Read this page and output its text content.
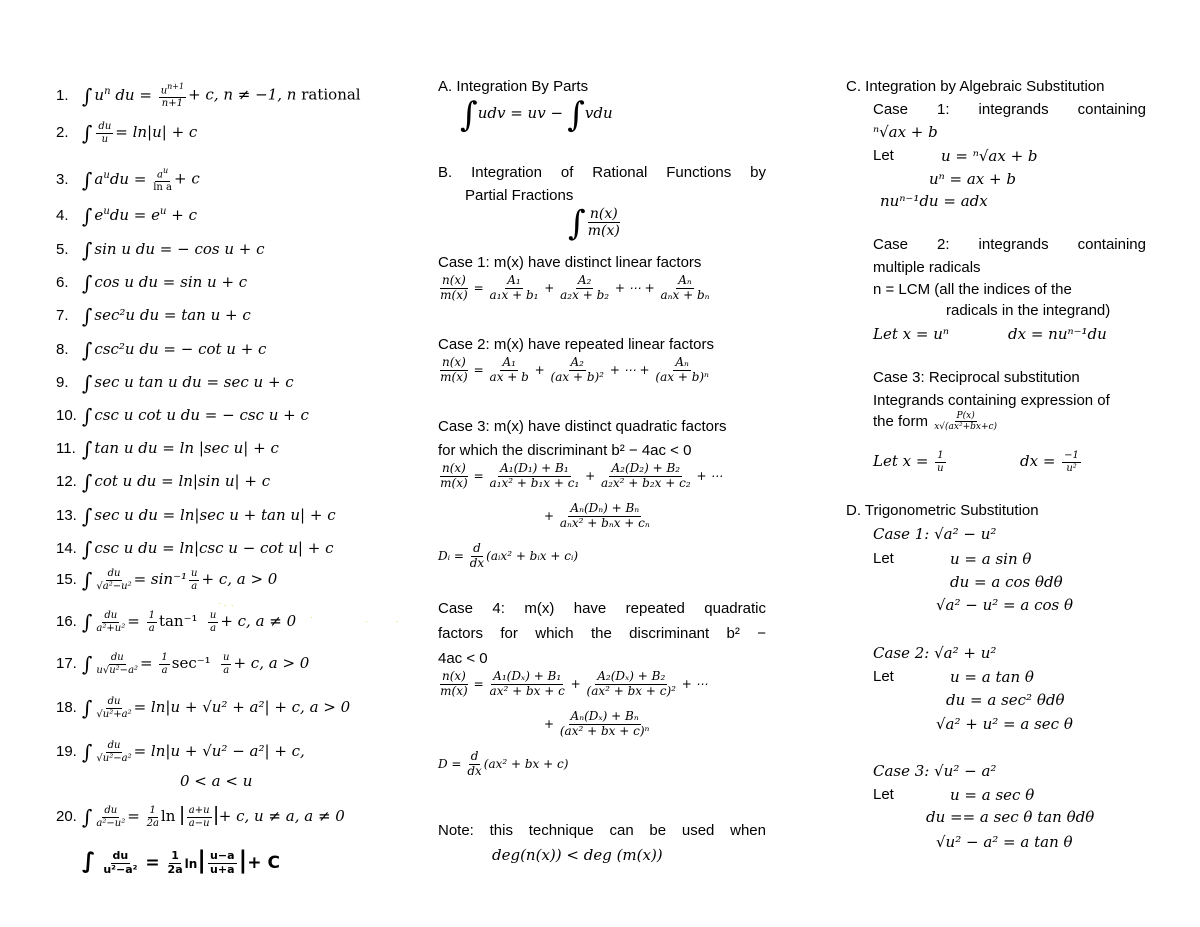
1. ∫ $u^n$ du = $\frac{u^{n+1}}{n+1} + c$, n ≠ −1, n rational
2. ∫ $\frac{du}{u} = \ln|u| + c$
3. ∫ $a^udu = \frac{a^u}{\text{ln a}} + c$
4. ∫ $e^udu = e^u + c$
5. ∫ sin u du = − cos u + c
6. ∫ cos u du = sin u + c
7. ∫ sec²u du = tan u + c
8. ∫ csc²u du = − cot u + c
9. ∫ sec u tan u du = sec u + c
10. ∫ csc u cot u du = − csc u + c
11. ∫ tan u du = ln |sec u| + c
12. ∫ cot u du = ln|sin u| + c
13. ∫ sec u du = ln|sec u + tan u| + c
14. ∫ csc u du = ln|csc u − cot u| + c
15. ∫ $\frac{du}{\text{√a²−u²}} = \sin^{-1} \frac{u}{a} + c$, a > 0
16. ∫ $\frac{du}{\text{a²+u²}} = \frac{1}{a} \tan^{-1} \frac{u}{a} + c$, a ≠ 0
17. ∫ $\frac{du}{\text{u√u²−a²}} = \frac{1}{a} \sec^{-1} \frac{u}{a} + c$, a > 0
18. ∫ $\frac{du}{\text{√u²+a²}} = \ln|u + √u^2 + a^2| + c$, a > 0
19. ∫ $\frac{du}{\text{√u²−a²}} = \ln|u + √u^2 - a^2| + c$,
0 < a < u
20. ∫ $\frac{du}{\text{a²−u²}} = \frac{1}{2a}$ ln | $\frac{a+u}{a-u}$ |+ c, u ≠ a, a ≠ 0
∫ $\frac{du}{\text{u²−a²}} = \frac{1}{2a} \ln| \frac{u-a}{u+a}$ |+ C
· .  .
·	·           ·
A. Integration By Parts
∫udv = uv − ∫vdu
B. Integration of Rational Functions by
Partial Fractions
∫ $\frac{n(x)}{m(x)}$
Case 1: m(x) have distinct linear factors
$\frac{n(x)}{m(x)} = \frac{\text{A₁}}{\text{a₁x + b₁}} + \frac{\text{A₂}}{\text{a₂x + b₂}}$ + ⋯ + $\frac{\text{Aₙ}}{\text{aₙx + bₙ}}$
Case 2: m(x) have repeated linear factors
$\frac{n(x)}{m(x)} = \frac{\text{A₁}}{ax + b} + \frac{\text{A₂}}{\text{(ax + b)²}}$ + ⋯ + $\frac{\text{Aₙ}}{\text{(ax + b)ⁿ}}$
Case 3: m(x) have distinct quadratic factors
for which the discriminant b² − 4ac < 0
$\frac{n(x)}{m(x)} = \frac{\text{A₁(D₁) + B₁}}{\text{a₁x² + b₁x + c₁}} + \frac{\text{A₂(D₂) + B₂}}{\text{a₂x² + b₂x + c₂}}$ + ⋯
+ $\frac{\text{Aₙ(Dₙ) + Bₙ}}{\text{aₙx² + bₙx + cₙ}}$
Dᵢ = $\frac{d}{dx}$ (aᵢx² + bᵢx + cᵢ)
Case 4: m(x) have repeated quadratic
factors for which the discriminant b² −
4ac < 0
$\frac{n(x)}{m(x)} = \frac{\text{A₁(Dₓ) + B₁}}{\text{ax² + bx + c}} + \frac{\text{A₂(Dₓ) + B₂}}{\text{(ax² + bx + c)²}}$ + ⋯
+ $\frac{\text{Aₙ(Dₓ) + Bₙ}}{\text{(ax² + bx + c)ⁿ}}$
$D = \frac{d}{dx} (ax^2$ + bx + c)
Note: this technique can be used when
deg(n(x)) < deg (m(x))
C. Integration by Algebraic Substitution
Case 1: integrands containing
ⁿ√ax + b
Let	u = ⁿ√ax + b
uⁿ = ax + b
nuⁿ⁻¹du = adx
Case 2: integrands containing
multiple radicals
n = LCM (all the indices of the
radicals in the integrand)
Let x = uⁿ	dx = nuⁿ⁻¹du
Case 3: Reciprocal substitution
Integrands containing expression of
the form $\frac{P(x)}{\text{x√(ax²+bx+c)}}$
Let $x = \frac{1}{u}$	dx = $\frac{-1}{\text{u²}}$
D. Trigonometric Substitution
Case 1: √a² − u²
Let	u = a sin θ
du = a cos θdθ
√a² − u² = a cos θ
Case 2: √a² + u²
Let	u = a tan θ
du = a sec² θdθ
√a² + u² = a sec θ
Case 3: √u² − a²
Let	u = a sec θ
du == a sec θ tan θdθ
√u² − a² = a tan θ
